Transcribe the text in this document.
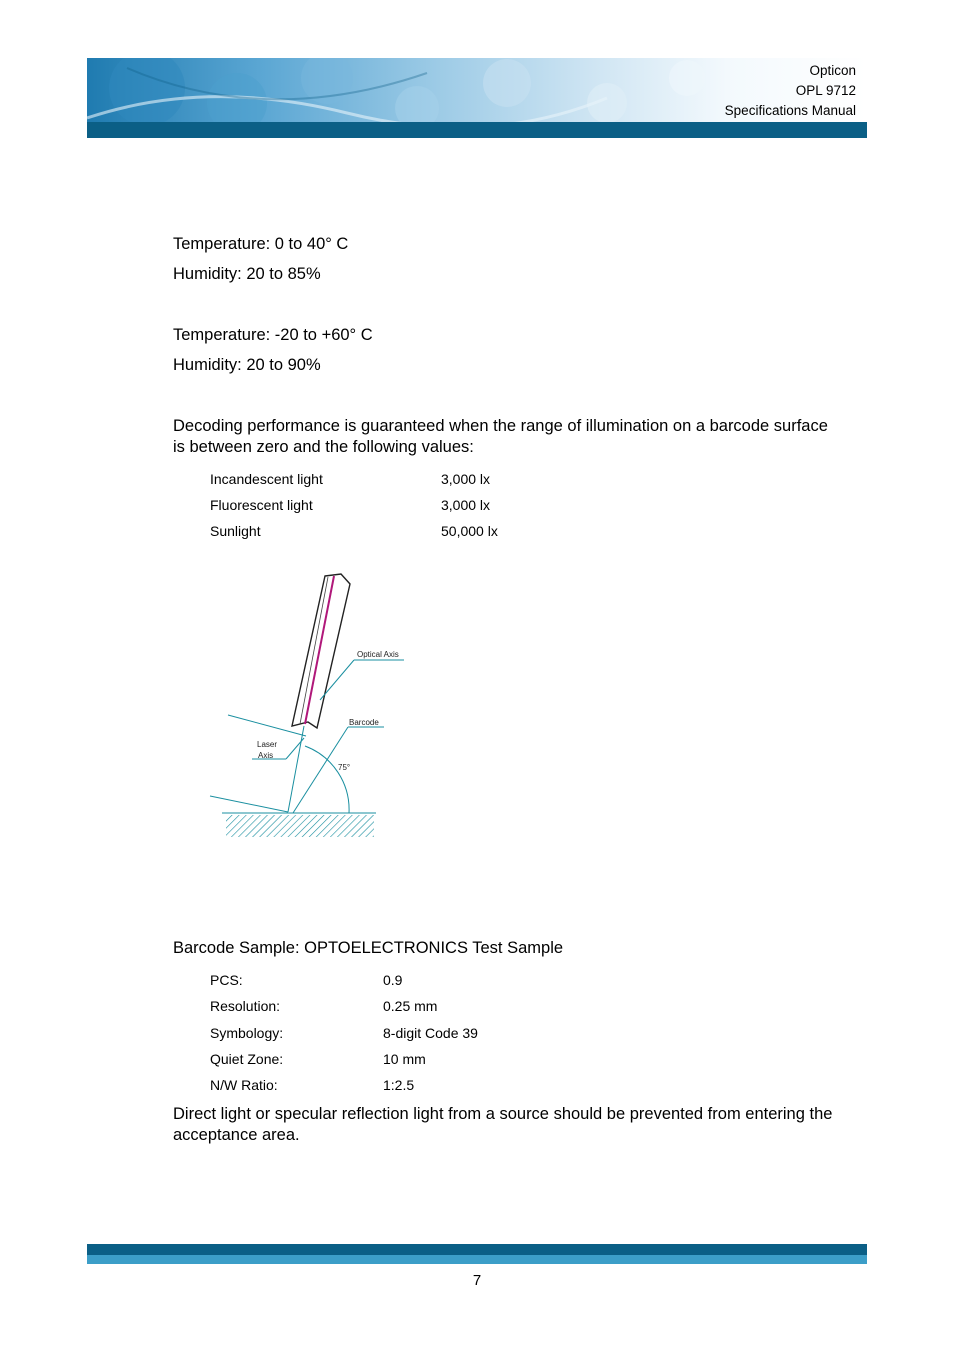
Opticon
OPL 9712
Specifications Manual
Temperature: 0 to 40° C
Humidity: 20 to 85%
Temperature: -20 to +60° C
Humidity: 20 to 90%
Decoding performance is guaranteed when the range of illumination on a barcode surface is between zero and the following values:
Incandescent light	3,000 lx
Fluorescent light	3,000 lx
Sunlight	50,000 lx
Optical Axis
Barcode
Laser
Axis
75°
Barcode Sample: OPTOELECTRONICS Test Sample
PCS:	0.9
Resolution:	0.25 mm
Symbology:	8-digit Code 39
Quiet Zone:	10 mm
N/W Ratio:	1:2.5
Direct light or specular reflection light from a source should be prevented from entering the acceptance area.
7
